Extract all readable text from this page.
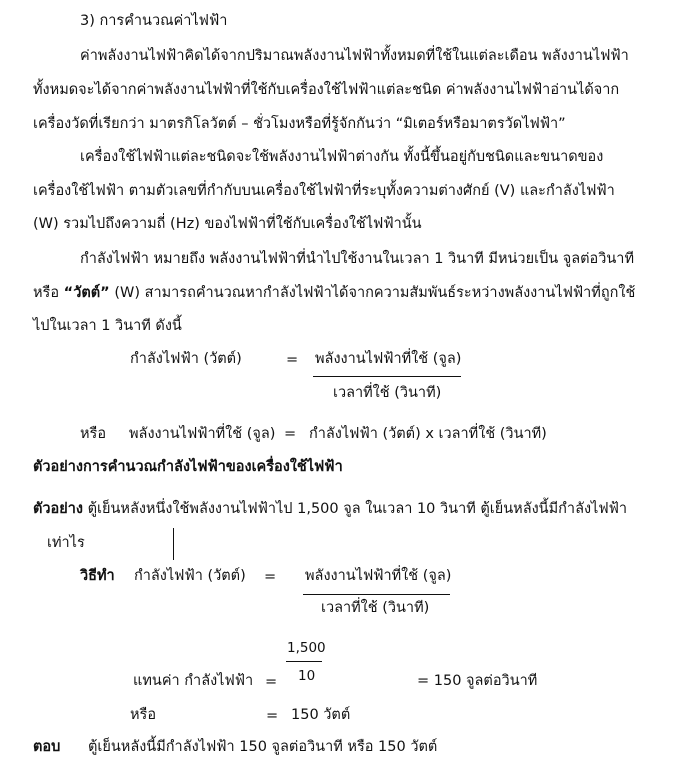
3) การคำนวณค่าไฟฟ้า
ค่าพลังงานไฟฟ้าคิดได้จากปริมาณพลังงานไฟฟ้าทั้งหมดที่ใช้ในแต่ละเดือน พลังงานไฟฟ้า
ทั้งหมดจะได้จากค่าพลังงานไฟฟ้าที่ใช้กับเครื่องใช้ไฟฟ้าแต่ละชนิด ค่าพลังงานไฟฟ้าอ่านได้จาก
เครื่องวัดที่เรียกว่า มาตรกิโลวัตต์ – ชั่วโมงหรือที่รู้จักกันว่า “มิเตอร์หรือมาตรวัดไฟฟ้า”
เครื่องใช้ไฟฟ้าแต่ละชนิดจะใช้พลังงานไฟฟ้าต่างกัน ทั้งนี้ขึ้นอยู่กับชนิดและขนาดของ
เครื่องใช้ไฟฟ้า ตามตัวเลขที่กำกับบนเครื่องใช้ไฟฟ้าที่ระบุทั้งความต่างศักย์ (V) และกำลังไฟฟ้า
(W) รวมไปถึงความถี่ (Hz) ของไฟฟ้าที่ใช้กับเครื่องใช้ไฟฟ้านั้น
กำลังไฟฟ้า หมายถึง พลังงานไฟฟ้าที่นำไปใช้งานในเวลา 1 วินาที มีหน่วยเป็น จูลต่อวินาที
หรือ “วัตต์” (W) สามารถคำนวณหากำลังไฟฟ้าได้จากความสัมพันธ์ระหว่างพลังงานไฟฟ้าที่ถูกใช้
ไปในเวลา 1 วินาที ดังนี้
กำลังไฟฟ้า (วัตต์)	= พลังงานไฟฟ้าที่ใช้ (จูล)
เวลาที่ใช้ (วินาที)
หรือ พลังงานไฟฟ้าที่ใช้ (จูล) = กำลังไฟฟ้า (วัตต์) x เวลาที่ใช้ (วินาที)
ตัวอย่างการคำนวณกำลังไฟฟ้าของเครื่องใช้ไฟฟ้า
ตัวอย่าง ตู้เย็นหลังหนึ่งใช้พลังงานไฟฟ้าไป 1,500 จูล ในเวลา 10 วินาที ตู้เย็นหลังนี้มีกำลังไฟฟ้า
เท่าไร
วิธีทำ กำลังไฟฟ้า (วัตต์) = พลังงานไฟฟ้าที่ใช้ (จูล)
เวลาที่ใช้ (วินาที)
1,500
10
แทนค่า กำลังไฟฟ้า =	= 150 จูลต่อวินาที
หรือ	= 150 วัตต์
ตอบ ตู้เย็นหลังนี้มีกำลังไฟฟ้า 150 จูลต่อวินาที หรือ 150 วัตต์
